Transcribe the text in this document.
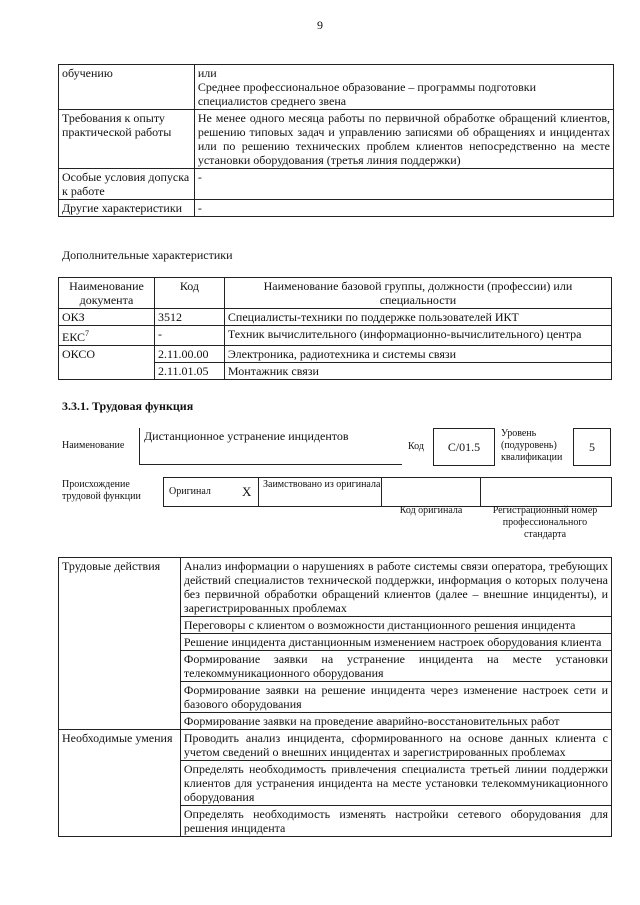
9
обучению	или
Среднее профессиональное образование – программы подготовки
специалистов среднего звена

Требования к опыту практической работы	Не менее одного месяца работы по первичной обработке обращений клиентов, решению типовых задач и управлению записями об обращениях и инцидентах или по решению технических проблем клиентов непосредственно на месте установки оборудования (третья линия поддержки)
Особые условия допуска к работе	-
Другие характеристики	-
Дополнительные характеристики
Наименование документа	Код	Наименование базовой группы, должности (профессии) или специальности
ОКЗ	3512	Специалисты-техники по поддержке пользователей ИКТ
ЕКС$^7$	-	Техник вычислительного (информационно-вычислительного) центра
ОКСО	2.11.00.00	Электроника, радиотехника и системы связи
	2.11.01.05	Монтажник связи
3.3.1. Трудовая функция
Наименование
Дистанционное устранение инцидентов
Код	C/01.5
Уровень (подуровень) квалификации
5
Происхождение трудовой функции	Оригинал X Заимствовано из оригинала
Код оригинала	Регистрационный номер профессионального стандарта
Трудовые действия	Анализ информации о нарушениях в работе системы связи оператора, требующих действий специалистов технической поддержки, информация о которых получена без первичной обработки обращений клиентов (далее – внешние инциденты), и зарегистрированных проблемах
	Переговоры с клиентом о возможности дистанционного решения инцидента
	Решение инцидента дистанционным изменением настроек оборудования клиента
	Формирование заявки на устранение инцидента на месте установки телекоммуникационного оборудования
	Формирование заявки на решение инцидента через изменение настроек сети и базового оборудования
	Формирование заявки на проведение аварийно-восстановительных работ
Необходимые умения	Проводить анализ инцидента, сформированного на основе данных клиента с учетом сведений о внешних инцидентах и зарегистрированных проблемах
	Определять необходимость привлечения специалиста третьей линии поддержки клиентов для устранения инцидента на месте установки телекоммуникационного оборудования
	Определять необходимость изменять настройки сетевого оборудования для решения инцидента
